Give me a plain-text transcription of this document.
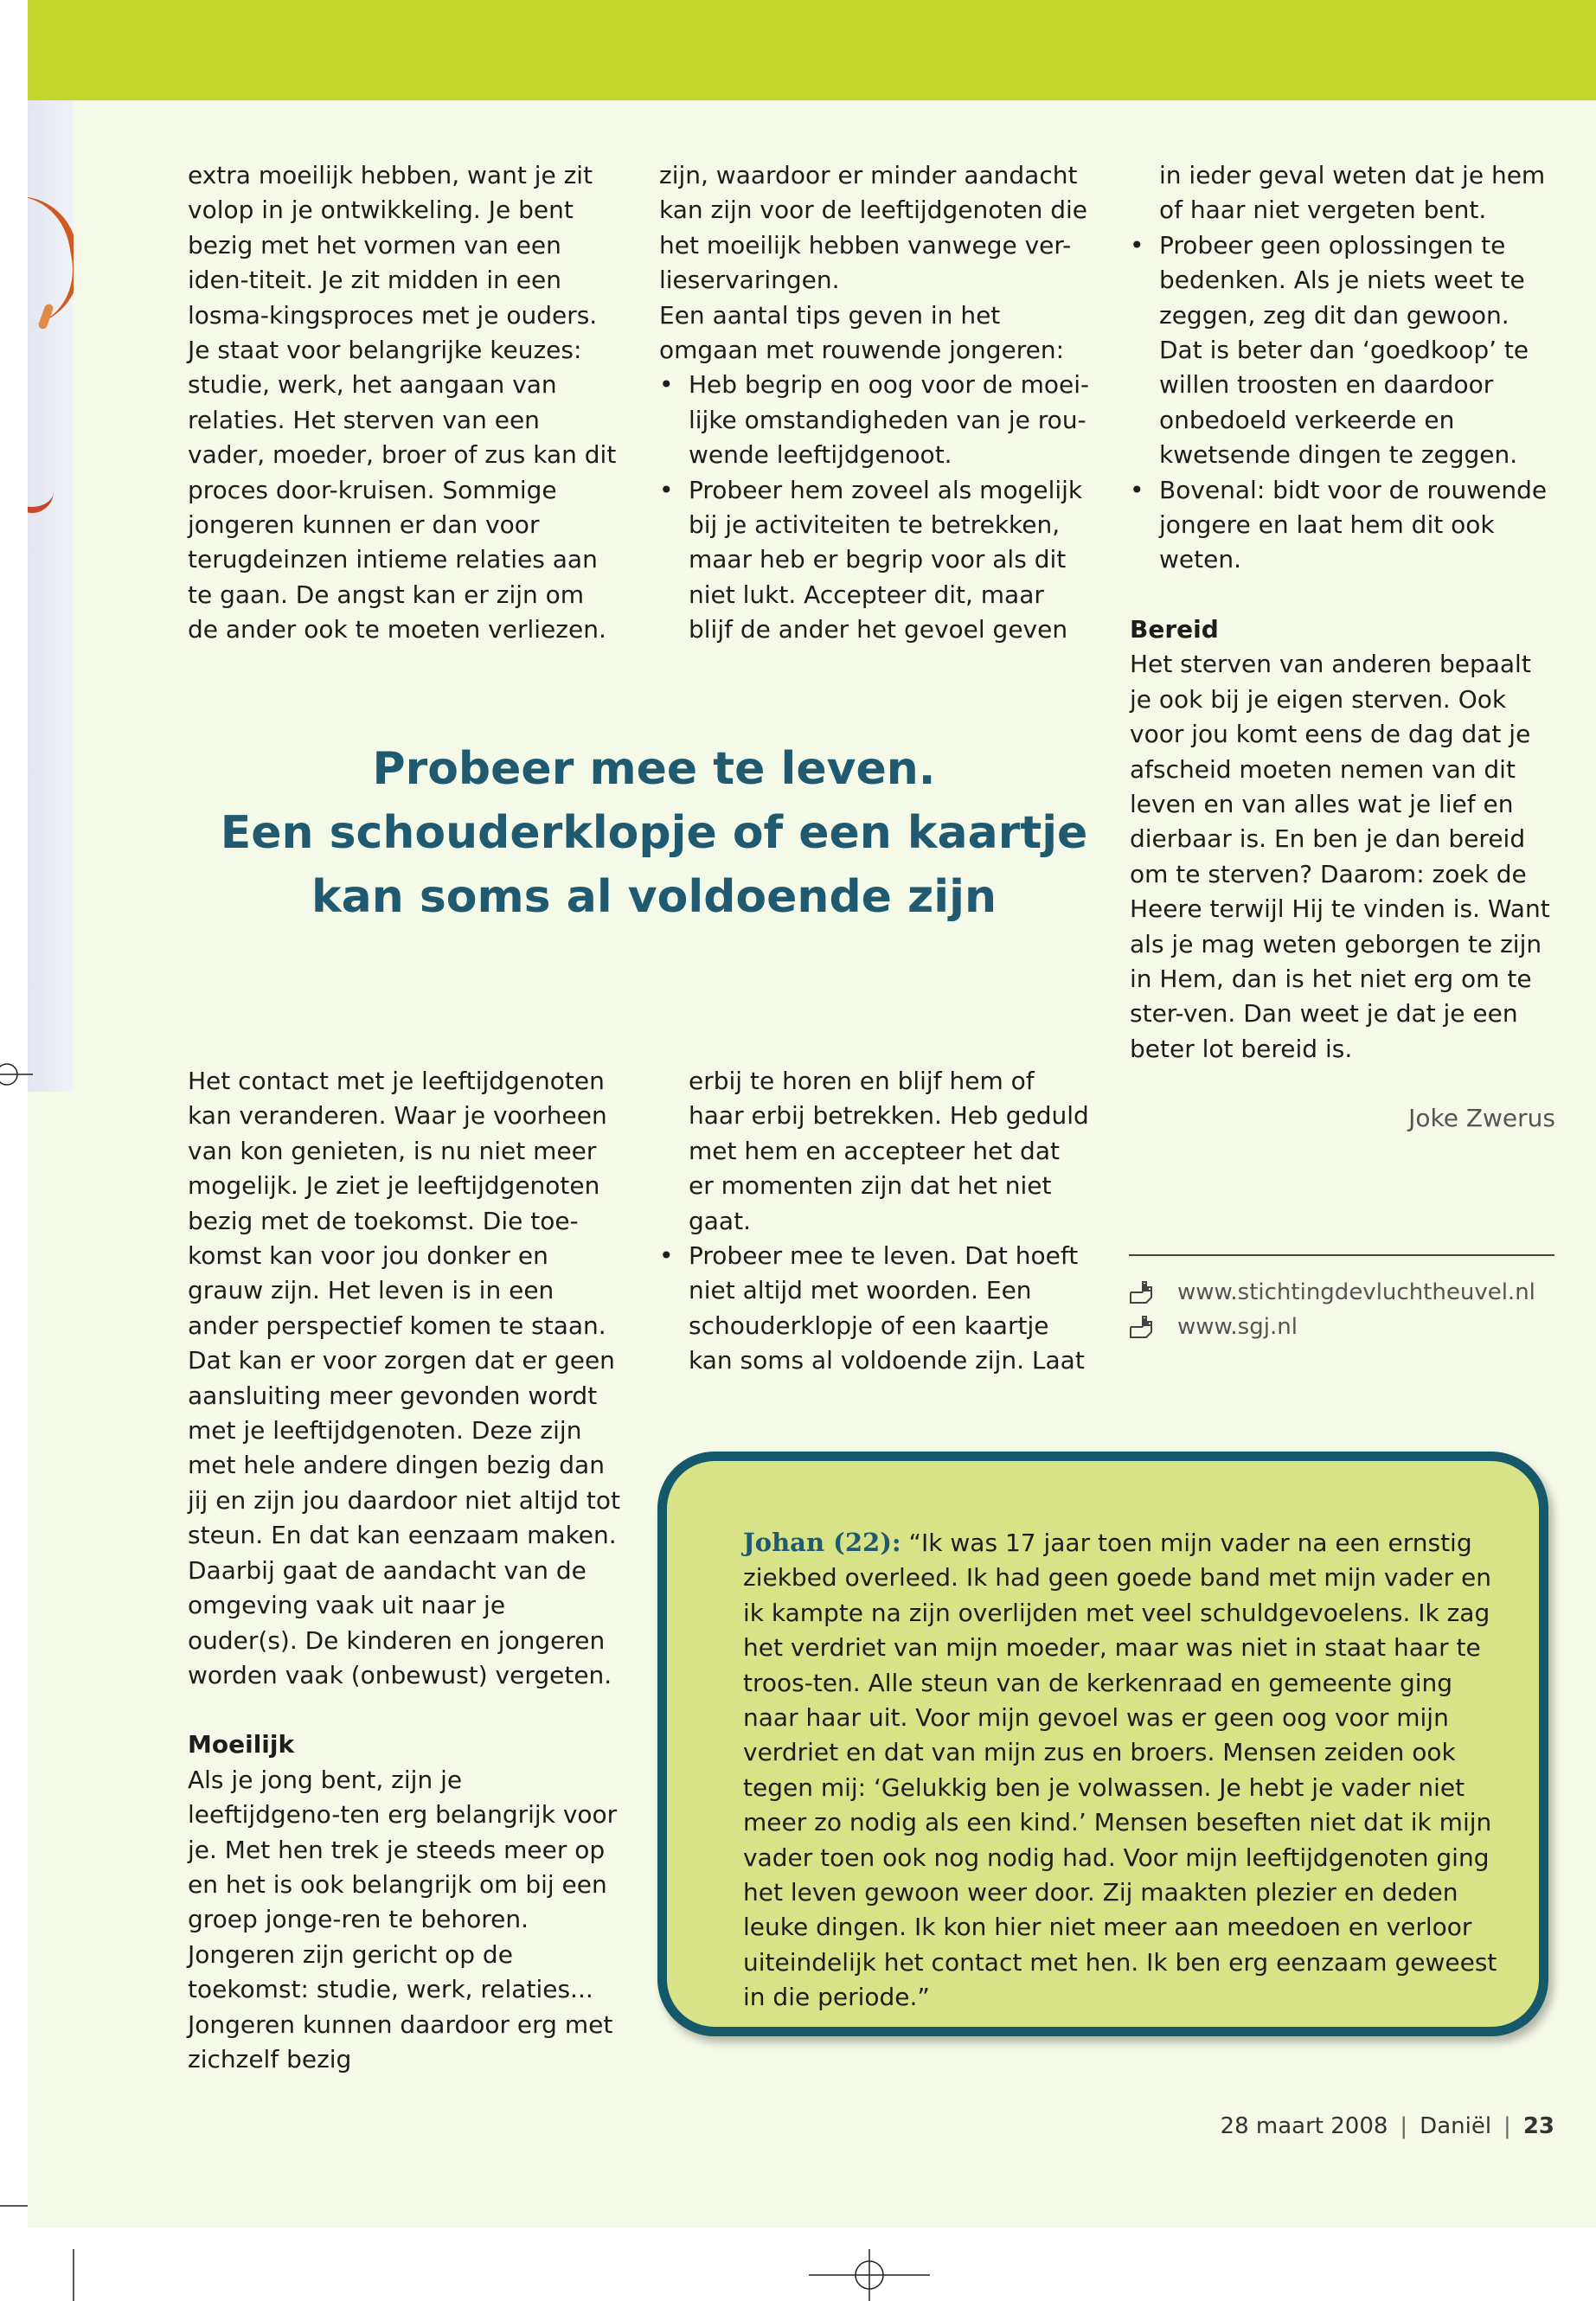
extra moeilijk hebben, want je zit volop in je ontwikkeling. Je bent bezig met het vormen van een iden-titeit. Je zit midden in een losma-kingsproces met je ouders. Je staat voor belangrijke keuzes: studie, werk, het aangaan van relaties. Het sterven van een vader, moeder, broer of zus kan dit proces door-kruisen. Sommige jongeren kunnen er dan voor terugdeinzen intieme relaties aan te gaan. De angst kan er zijn om de ander ook te moeten verliezen.

zijn, waardoor er minder aandacht kan zijn voor de leeftijdgenoten die het moeilijk hebben vanwege ver-lieservaringen.

Een aantal tips geven in het omgaan met rouwende jongeren:

• Heb begrip en oog voor de moei-lijke omstandigheden van je rou-wende leeftijdgenoot.
• Probeer hem zoveel als mogelijk bij je activiteiten te betrekken, maar heb er begrip voor als dit niet lukt. Accepteer dit, maar blijf de ander het gevoel geven

in ieder geval weten dat je hem of haar niet vergeten bent.

• Probeer geen oplossingen te bedenken. Als je niets weet te zeggen, zeg dit dan gewoon. Dat is beter dan ‘goedkoop’ te willen troosten en daardoor onbedoeld verkeerde en kwetsende dingen te zeggen.
• Bovenal: bidt voor de rouwende jongere en laat hem dit ook weten.
Bereid

Het sterven van anderen bepaalt je ook bij je eigen sterven. Ook voor jou komt eens de dag dat je afscheid moeten nemen van dit leven en van alles wat je lief en dierbaar is. En ben je dan bereid om te sterven? Daarom: zoek de Heere terwijl Hij te vinden is. Want als je mag weten geborgen te zijn in Hem, dan is het niet erg om te ster-ven. Dan weet je dat je een beter lot bereid is.

Joke Zwerus

www.stichtingdevluchtheuvel.nl
www.sgj.nl
Probeer mee te leven.
Een schouderklopje of een kaartje
kan soms al voldoende zijn

Het contact met je leeftijdgenoten kan veranderen. Waar je voorheen van kon genieten, is nu niet meer mogelijk. Je ziet je leeftijdgenoten bezig met de toekomst. Die toe-komst kan voor jou donker en grauw zijn. Het leven is in een ander perspectief komen te staan. Dat kan er voor zorgen dat er geen aansluiting meer gevonden wordt met je leeftijdgenoten. Deze zijn met hele andere dingen bezig dan jij en zijn jou daardoor niet altijd tot steun. En dat kan eenzaam maken. Daarbij gaat de aandacht van de omgeving vaak uit naar je ouder(s). De kinderen en jongeren worden vaak (onbewust) vergeten.

Moeilijk

Als je jong bent, zijn je leeftijdgeno-ten erg belangrijk voor je. Met hen trek je steeds meer op en het is ook belangrijk om bij een groep jonge-ren te behoren. Jongeren zijn gericht op de toekomst: studie, werk, relaties... Jongeren kunnen daardoor erg met zichzelf bezig

erbij te horen en blijf hem of haar erbij betrekken. Heb geduld met hem en accepteer het dat er momenten zijn dat het niet gaat.

• Probeer mee te leven. Dat hoeft niet altijd met woorden. Een schouderklopje of een kaartje kan soms al voldoende zijn. Laat

Johan (22): “Ik was 17 jaar toen mijn vader na een ernstig ziekbed overleed. Ik had geen goede band met mijn vader en ik kampte na zijn overlijden met veel schuldgevoelens. Ik zag het verdriet van mijn moeder, maar was niet in staat haar te troos-ten. Alle steun van de kerkenraad en gemeente ging naar haar uit. Voor mijn gevoel was er geen oog voor mijn verdriet en dat van mijn zus en broers. Mensen zeiden ook tegen mij: ‘Gelukkig ben je volwassen. Je hebt je vader niet meer zo nodig als een kind.’ Mensen beseften niet dat ik mijn vader toen ook nog nodig had. Voor mijn leeftijdgenoten ging het leven gewoon weer door. Zij maakten plezier en deden leuke dingen. Ik kon hier niet meer aan meedoen en verloor uiteindelijk het contact met hen. Ik ben erg eenzaam geweest in die periode.”

28 maart 2008 | Daniël | 23
